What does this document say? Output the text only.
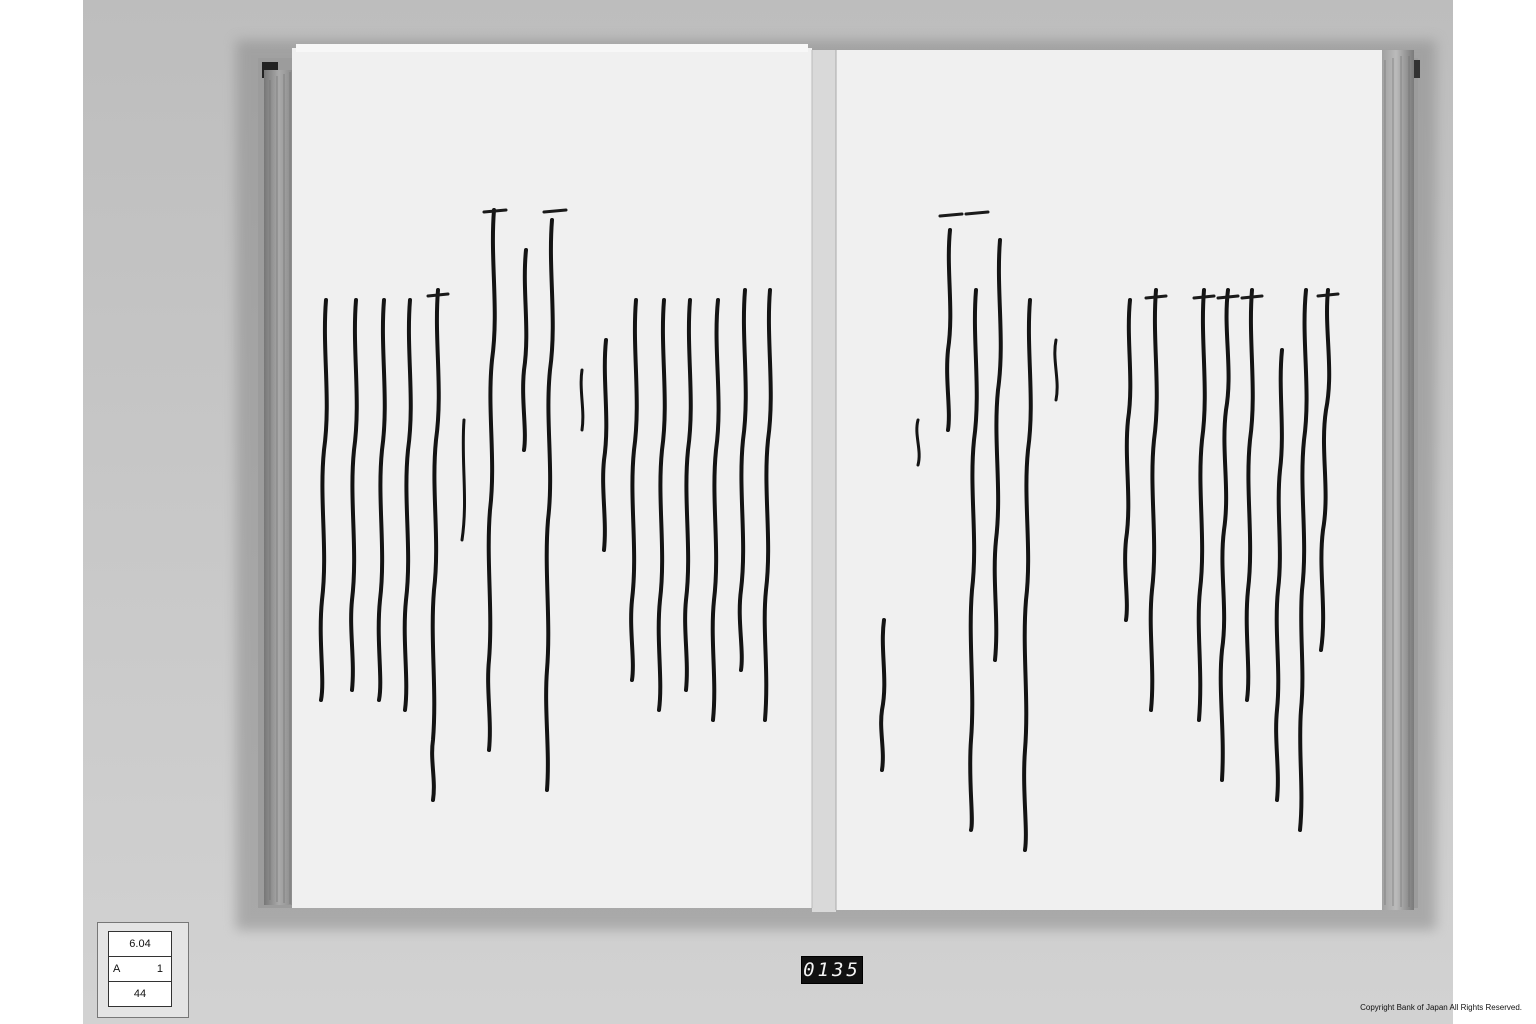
6.04
A	1

44
0135
Copyright Bank of Japan All Rights Reserved.
